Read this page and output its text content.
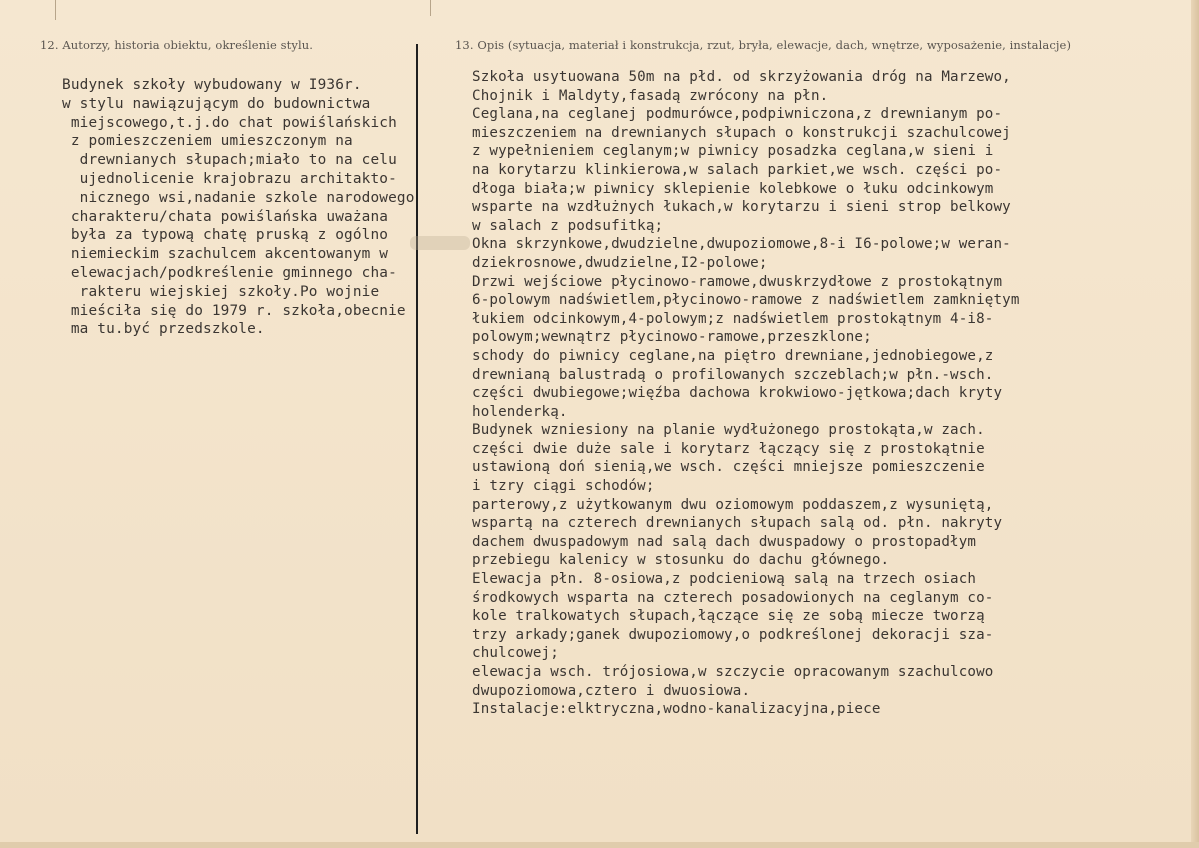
12. Autorzy, historia obiektu, określenie stylu.	13. Opis (sytuacja, materiał i konstrukcja, rzut, bryła, elewacje, dach, wnętrze, wyposażenie, instalacje)
Budynek szkoły wybudowany w I936r.
w stylu nawiązującym do budownictwa
miejscowego,t.j.do chat powiślańskich
z pomieszczeniem umieszczonym na
drewnianych słupach;miało to na celu
ujednolicenie krajobrazu architakto-
nicznego wsi,nadanie szkole narodowego
charakteru/chata powiślańska uważana
była za typową chatę pruską z ogólno
niemieckim szachulcem akcentowanym w
elewacjach/podkreślenie gminnego cha-
rakteru wiejskiej szkoły.Po wojnie
mieściła się do 1979 r. szkoła,obecnie
ma tu.być przedszkole.
Szkoła usytuowana 50m na płd. od skrzyżowania dróg na Marzewo,
Chojnik i Maldyty,fasadą zwrócony na płn.
Ceglana,na ceglanej podmurówce,podpiwniczona,z drewnianym po-
mieszczeniem na drewnianych słupach o konstrukcji szachulcowej
z wypełnieniem ceglanym;w piwnicy posadzka ceglana,w sieni i
na korytarzu klinkierowa,w salach parkiet,we wsch. części po-
dłoga biała;w piwnicy sklepienie kolebkowe o łuku odcinkowym
wsparte na wzdłużnych łukach,w korytarzu i sieni strop belkowy
w salach z podsufitką;
Okna skrzynkowe,dwudzielne,dwupoziomowe,8-i I6-polowe;w weran-
dziekrosnowe,dwudzielne,I2-polowe;
Drzwi wejściowe płycinowo-ramowe,dwuskrzydłowe z prostokątnym
6-polowym nadświetlem,płycinowo-ramowe z nadświetlem zamkniętym
łukiem odcinkowym,4-polowym;z nadświetlem prostokątnym 4-i8-
polowym;wewnątrz płycinowo-ramowe,przeszklone;
schody do piwnicy ceglane,na piętro drewniane,jednobiegowe,z
drewnianą balustradą o profilowanych szczeblach;w płn.-wsch.
części dwubiegowe;więźba dachowa krokwiowo-jętkowa;dach kryty
holenderką.
Budynek wzniesiony na planie wydłużonego prostokąta,w zach.
części dwie duże sale i korytarz łączący się z prostokątnie
ustawioną doń sienią,we wsch. części mniejsze pomieszczenie
i tzry ciągi schodów;
parterowy,z użytkowanym dwu oziomowym poddaszem,z wysuniętą,
wspartą na czterech drewnianych słupach salą od. płn. nakryty
dachem dwuspadowym nad salą dach dwuspadowy o prostopadłym
przebiegu kalenicy w stosunku do dachu głównego.
Elewacja płn. 8-osiowa,z podcieniową salą na trzech osiach
środkowych wsparta na czterech posadowionych na ceglanym co-
kole tralkowatych słupach,łączące się ze sobą miecze tworzą
trzy arkady;ganek dwupoziomowy,o podkreślonej dekoracji sza-
chulcowej;
elewacja wsch. trójosiowa,w szczycie opracowanym szachulcowo
dwupoziomowa,cztero i dwuosiowa.
Instalacje:elktryczna,wodno-kanalizacyjna,piece
